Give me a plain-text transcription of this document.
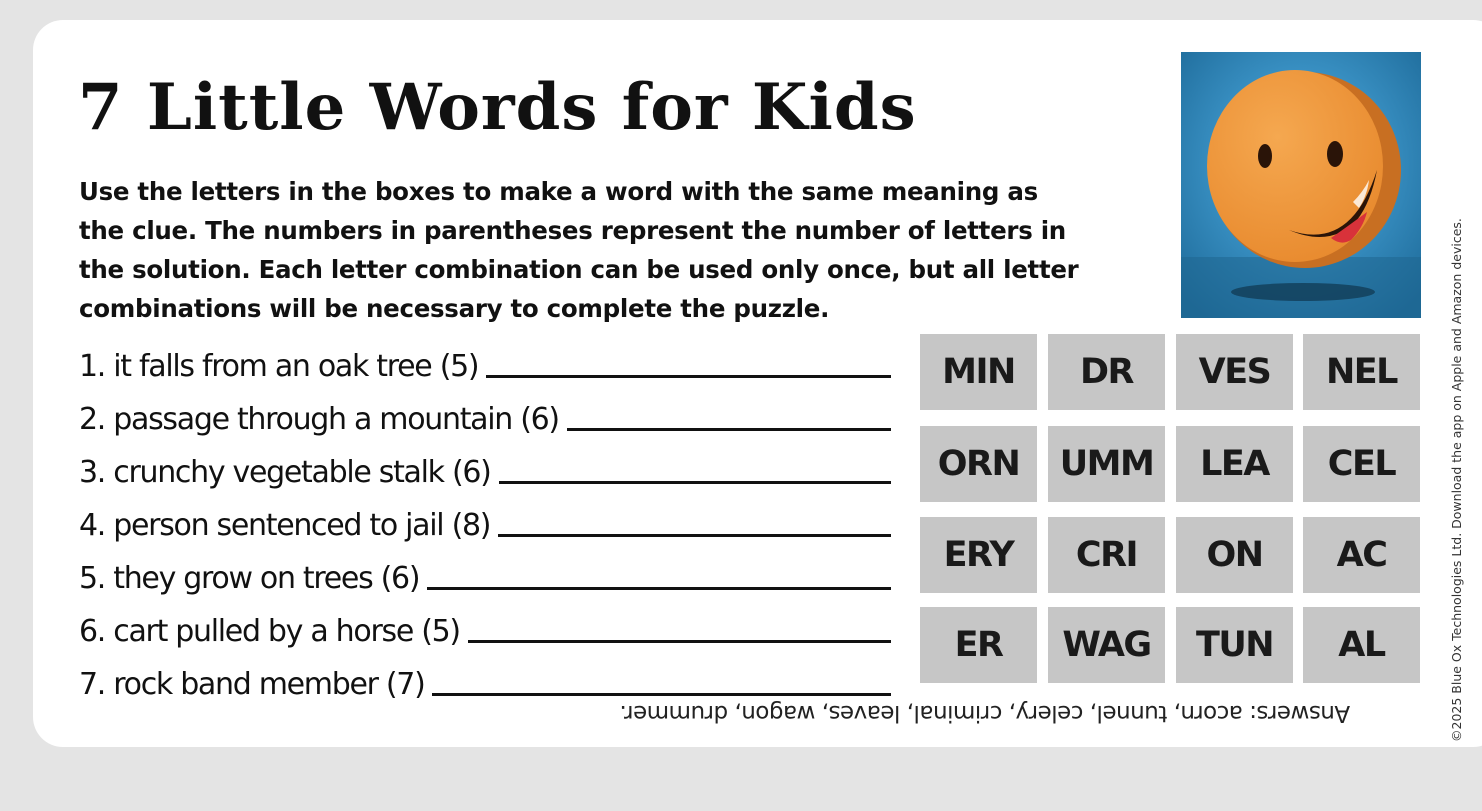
7 Little Words for Kids

Use the letters in the boxes to make a word with the same meaning as the clue. The numbers in parentheses represent the number of letters in the solution. Each letter combination can be used only once, but all letter combinations will be necessary to complete the puzzle.

1. it falls from an oak tree (5)
2. passage through a mountain (6)
3. crunchy vegetable stalk (6)
4. person sentenced to jail (8)
5. they grow on trees (6)
6. cart pulled by a horse (5)
7. rock band member (7)
MIN	DR	VES	NEL
ORN	UMM	LEA	CEL
ERY	CRI	ON	AC
ER	WAG	TUN	AL
Answers: acorn, tunnel, celery, criminal, leaves, wagon, drummer.	©2025 Blue Ox Technologies Ltd. Download the app on Apple and Amazon devices.
